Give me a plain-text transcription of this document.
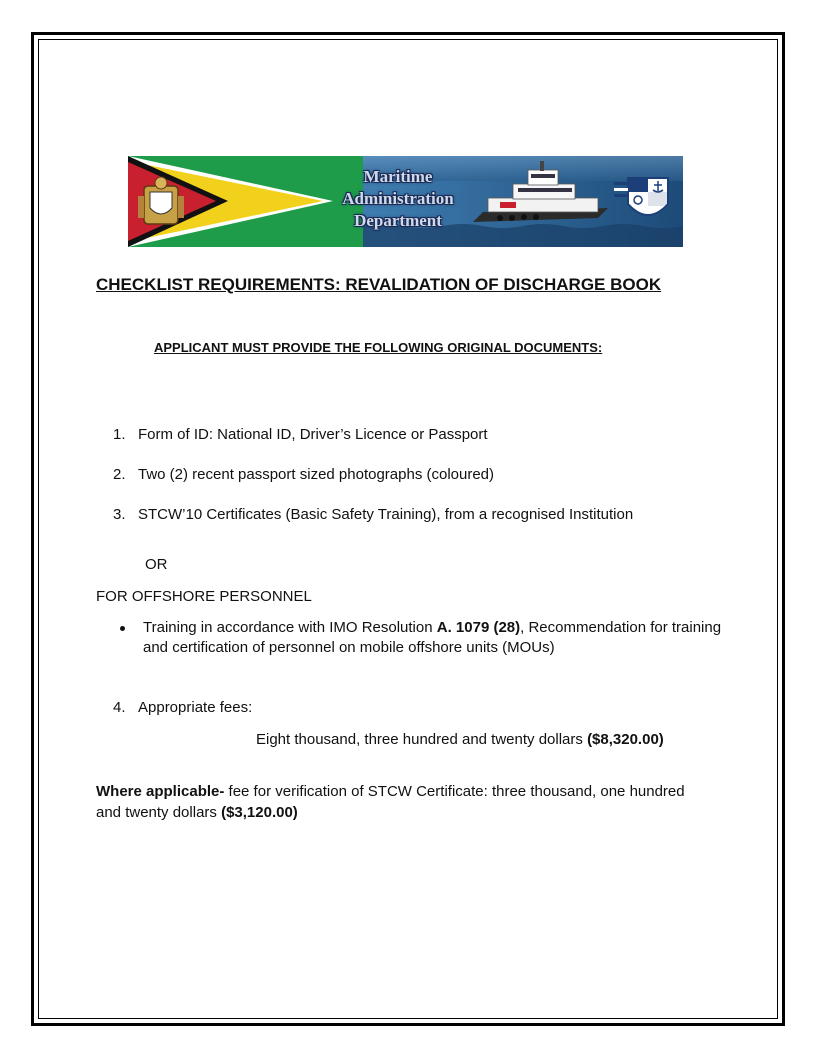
Maritime
Administration
Department
CHECKLIST REQUIREMENTS: REVALIDATION OF DISCHARGE BOOK
APPLICANT MUST PROVIDE THE FOLLOWING ORIGINAL DOCUMENTS:
1. Form of ID: National ID, Driver’s Licence or Passport
2. Two (2) recent passport sized photographs (coloured)
3. STCW’10 Certificates (Basic Safety Training), from a recognised Institution
OR
FOR OFFSHORE PERSONNEL
Training in accordance with IMO Resolution A. 1079 (28), Recommendation for training and certification of personnel on mobile offshore units (MOUs)
4. Appropriate fees:
Eight thousand, three hundred and twenty dollars ($8,320.00)
Where applicable- fee for verification of STCW Certificate: three thousand, one hundred and twenty dollars ($3,120.00)
